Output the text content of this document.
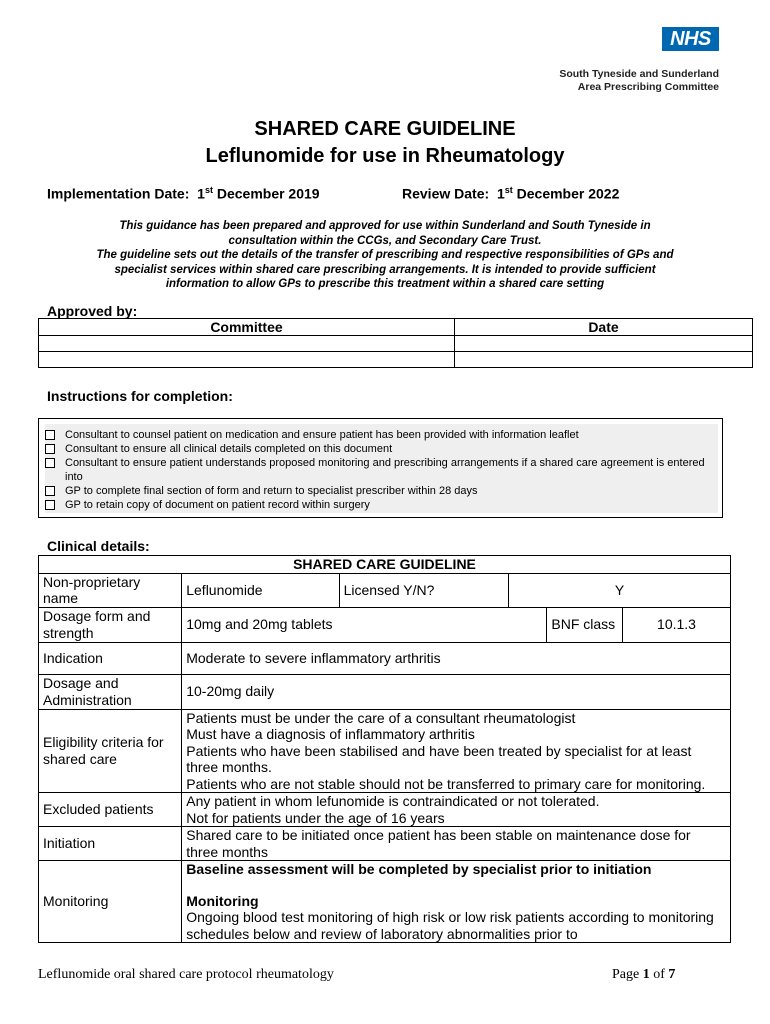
NHS
South Tyneside and Sunderland
Area Prescribing Committee
SHARED CARE GUIDELINE
Leflunomide for use in Rheumatology
Implementation Date: 1st December 2019	Review Date: 1st December 2022
This guidance has been prepared and approved for use within Sunderland and South Tyneside in
consultation within the CCGs, and Secondary Care Trust.
The guideline sets out the details of the transfer of prescribing and respective responsibilities of GPs and
specialist services within shared care prescribing arrangements. It is intended to provide sufficient
information to allow GPs to prescribe this treatment within a shared care setting
Approved by:
Committee	Date

Instructions for completion:
Consultant to counsel patient on medication and ensure patient has been provided with information leaflet
Consultant to ensure all clinical details completed on this document
Consultant to ensure patient understands proposed monitoring and prescribing arrangements if a shared care agreement is entered into
GP to complete final section of form and return to specialist prescriber within 28 days
GP to retain copy of document on patient record within surgery
Clinical details:
SHARED CARE GUIDELINE					
Non-proprietary name	Leflunomide	Licensed Y/N?	Y		
Dosage form and strength	10mg and 20mg tablets			BNF class	10.1.3
Indication	Moderate to severe inflammatory arthritis				
Dosage and Administration	10-20mg daily				
Eligibility criteria for shared care	Patients must be under the care of a consultant rheumatologist
Must have a diagnosis of inflammatory arthritis
Patients who have been stabilised and have been treated by specialist for at least three months.
Patients who are not stable should not be transferred to primary care for monitoring.				

Excluded patients	Any patient in whom lefunomide is contraindicated or not tolerated.
Not for patients under the age of 16 years				

Initiation	Shared care to be initiated once patient has been stable on maintenance dose for three months				
Monitoring	Baseline assessment will be completed by specialist prior to initiation
Monitoring
Ongoing blood test monitoring of high risk or low risk patients according to monitoring schedules below and review of laboratory abnormalities prior to				
Leflunomide oral shared care protocol rheumatology	Page 1 of 7
